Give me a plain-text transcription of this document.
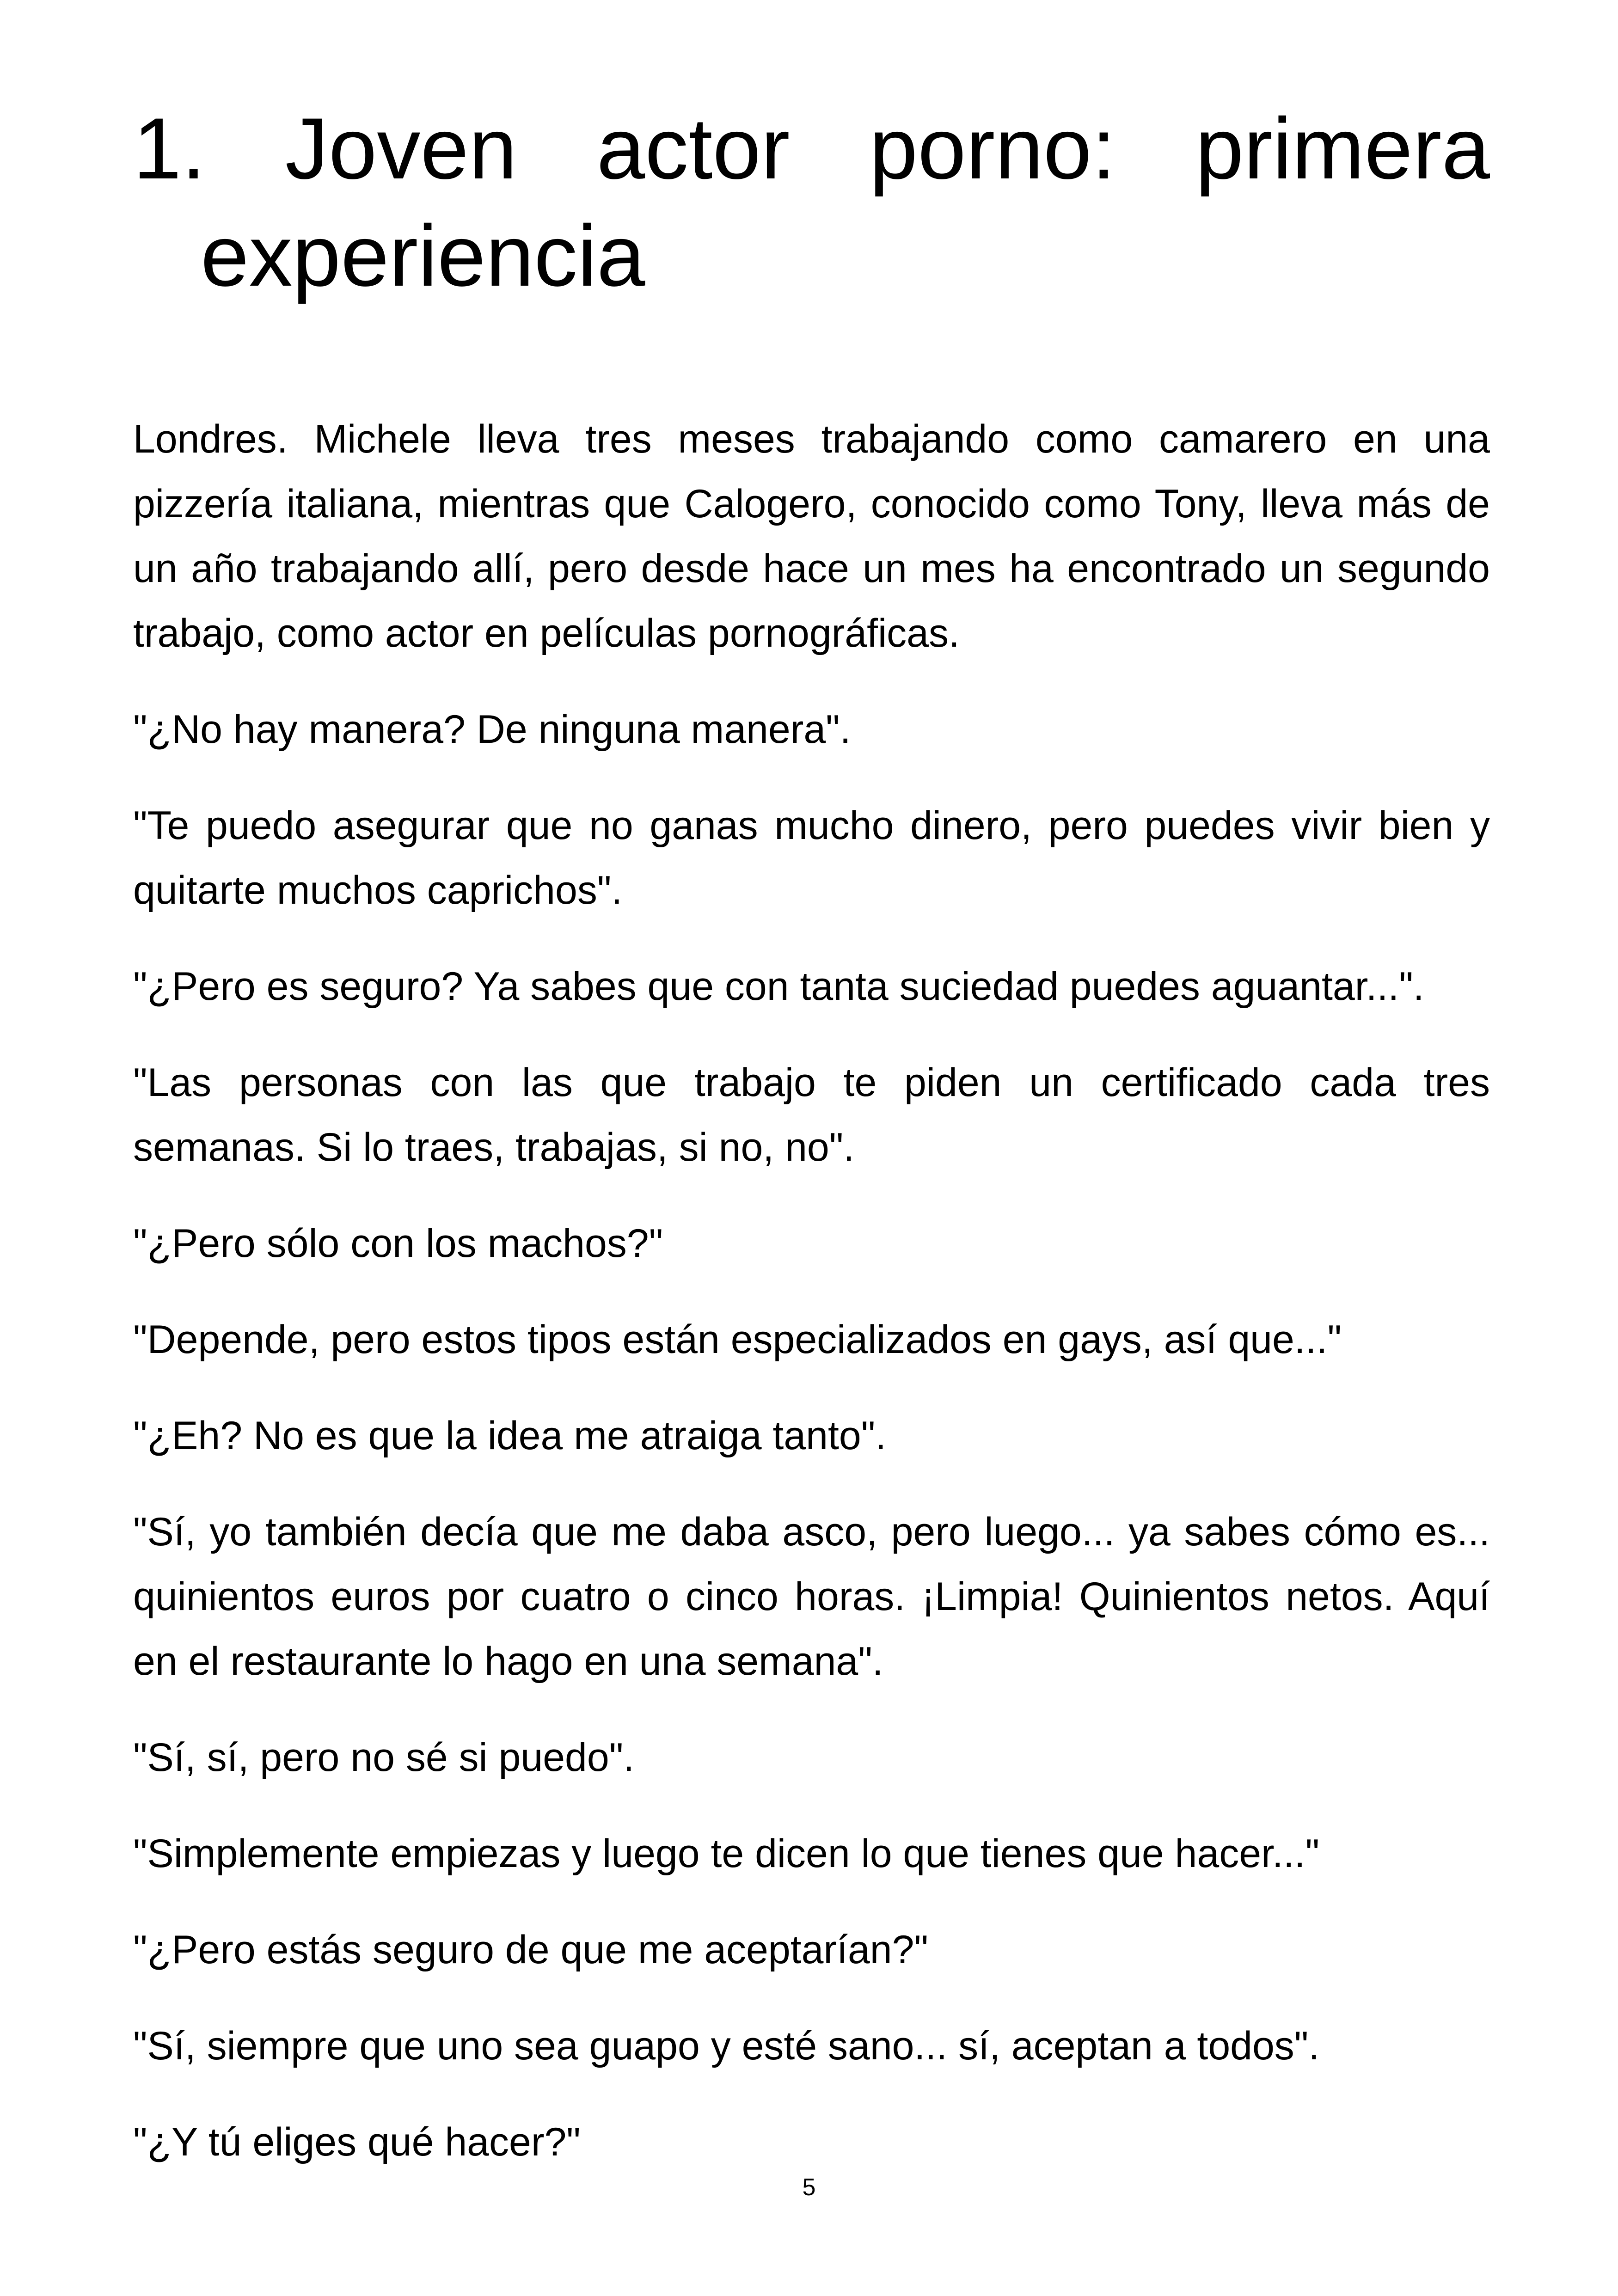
1. Joven actor porno: primera experiencia

Londres. Michele lleva tres meses trabajando como camarero en una pizzería italiana, mientras que Calogero, conocido como Tony, lleva más de un año trabajando allí, pero desde hace un mes ha encontrado un segundo trabajo, como actor en películas pornográficas.

"¿No hay manera? De ninguna manera".

"Te puedo asegurar que no ganas mucho dinero, pero puedes vivir bien y quitarte muchos caprichos".

"¿Pero es seguro? Ya sabes que con tanta suciedad puedes aguantar...".

"Las personas con las que trabajo te piden un certificado cada tres semanas. Si lo traes, trabajas, si no, no".

"¿Pero sólo con los machos?"

"Depende, pero estos tipos están especializados en gays, así que..."

"¿Eh? No es que la idea me atraiga tanto".

"Sí, yo también decía que me daba asco, pero luego... ya sabes cómo es... quinientos euros por cuatro o cinco horas. ¡Limpia! Quinientos netos. Aquí en el restaurante lo hago en una semana".

"Sí, sí, pero no sé si puedo".

"Simplemente empiezas y luego te dicen lo que tienes que hacer..."

"¿Pero estás seguro de que me aceptarían?"

"Sí, siempre que uno sea guapo y esté sano... sí, aceptan a todos".

"¿Y tú eliges qué hacer?"

5
